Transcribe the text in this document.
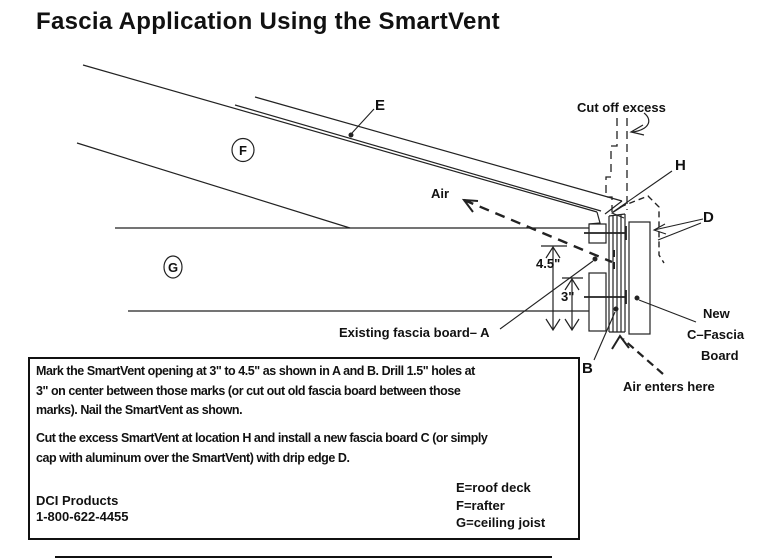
Fascia Application Using the SmartVent
E
F
G
H
D
B
Air
Cut off excess
4.5"
3"
Existing fascia board– A
New
C–Fascia
Board
Air enters here
Mark the SmartVent opening at 3" to 4.5" as shown in A and B. Drill 1.5" holes at
3" on center between those marks (or cut out old fascia board between those
marks). Nail the SmartVent as shown.
Cut the excess SmartVent at location H and install a new fascia board C (or simply
cap with aluminum over the SmartVent) with drip edge D.
DCI Products
1-800-622-4455
E=roof deck
F=rafter
G=ceiling joist
